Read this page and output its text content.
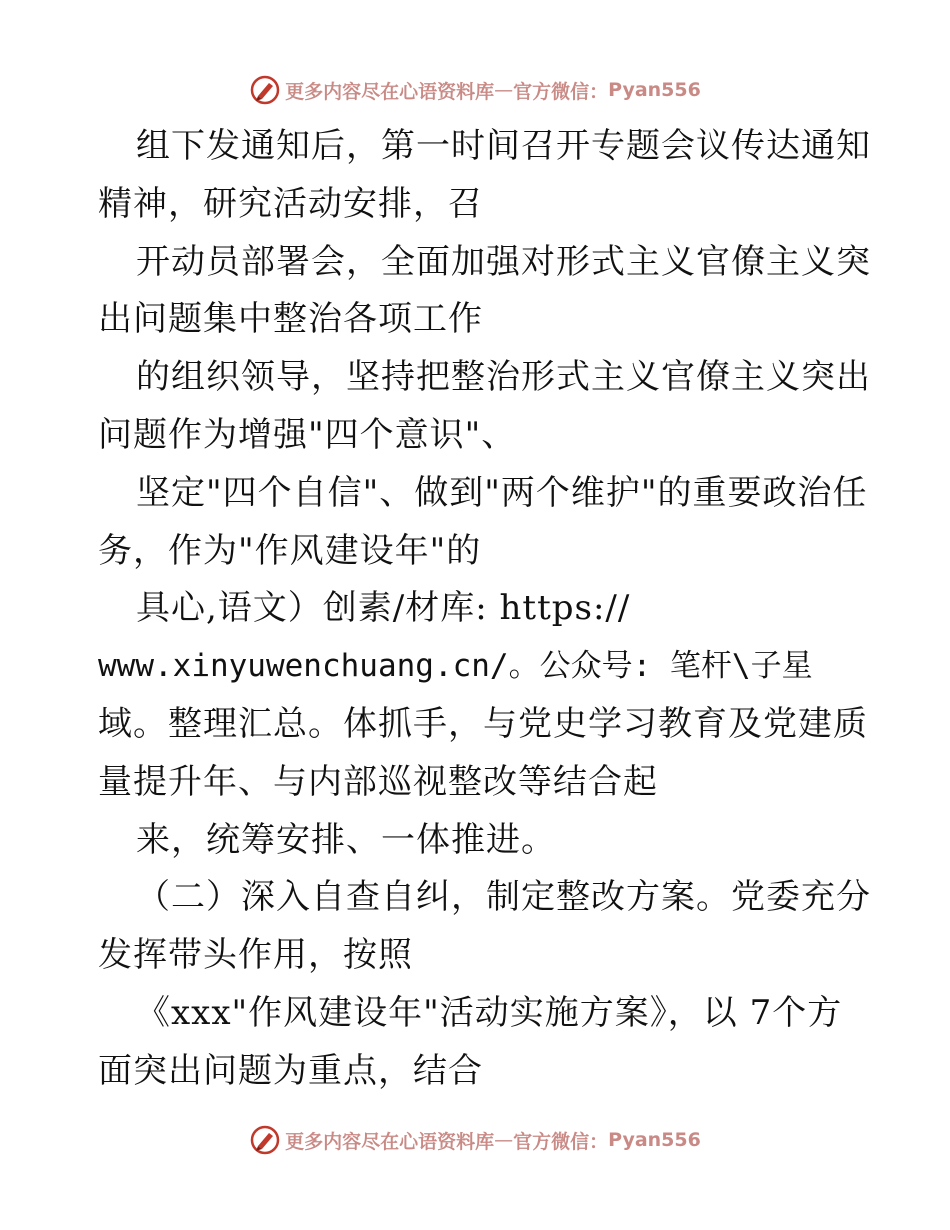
更多内容尽在心语资料库 — 官方微信： Pyan556
组下发通知后，第一时间召开专题会议传达通知
精神，研究活动安排，召
开动员部署会，全面加强对形式主义官僚主义突
出问题集中整治各项工作
的组织领导，坚持把整治形式主义官僚主义突出
问题作为增强"四个意识"、
坚定"四个自信"、做到"两个维护"的重要政治任
务，作为"作风建设年"的
具心,语文）创素/材库: https://
www.xinyuwenchuang.cn/。公众号: 笔杆\子星
域。整理汇总。体抓手，与党史学习教育及党建质
量提升年、与内部巡视整改等结合起
来，统筹安排、一体推进。
（二）深入自查自纠，制定整改方案。党委充分
发挥带头作用，按照
《xxx"作风建设年"活动实施方案》，以 7个方
面突出问题为重点，结合
更多内容尽在心语资料库 — 官方微信： Pyan556
